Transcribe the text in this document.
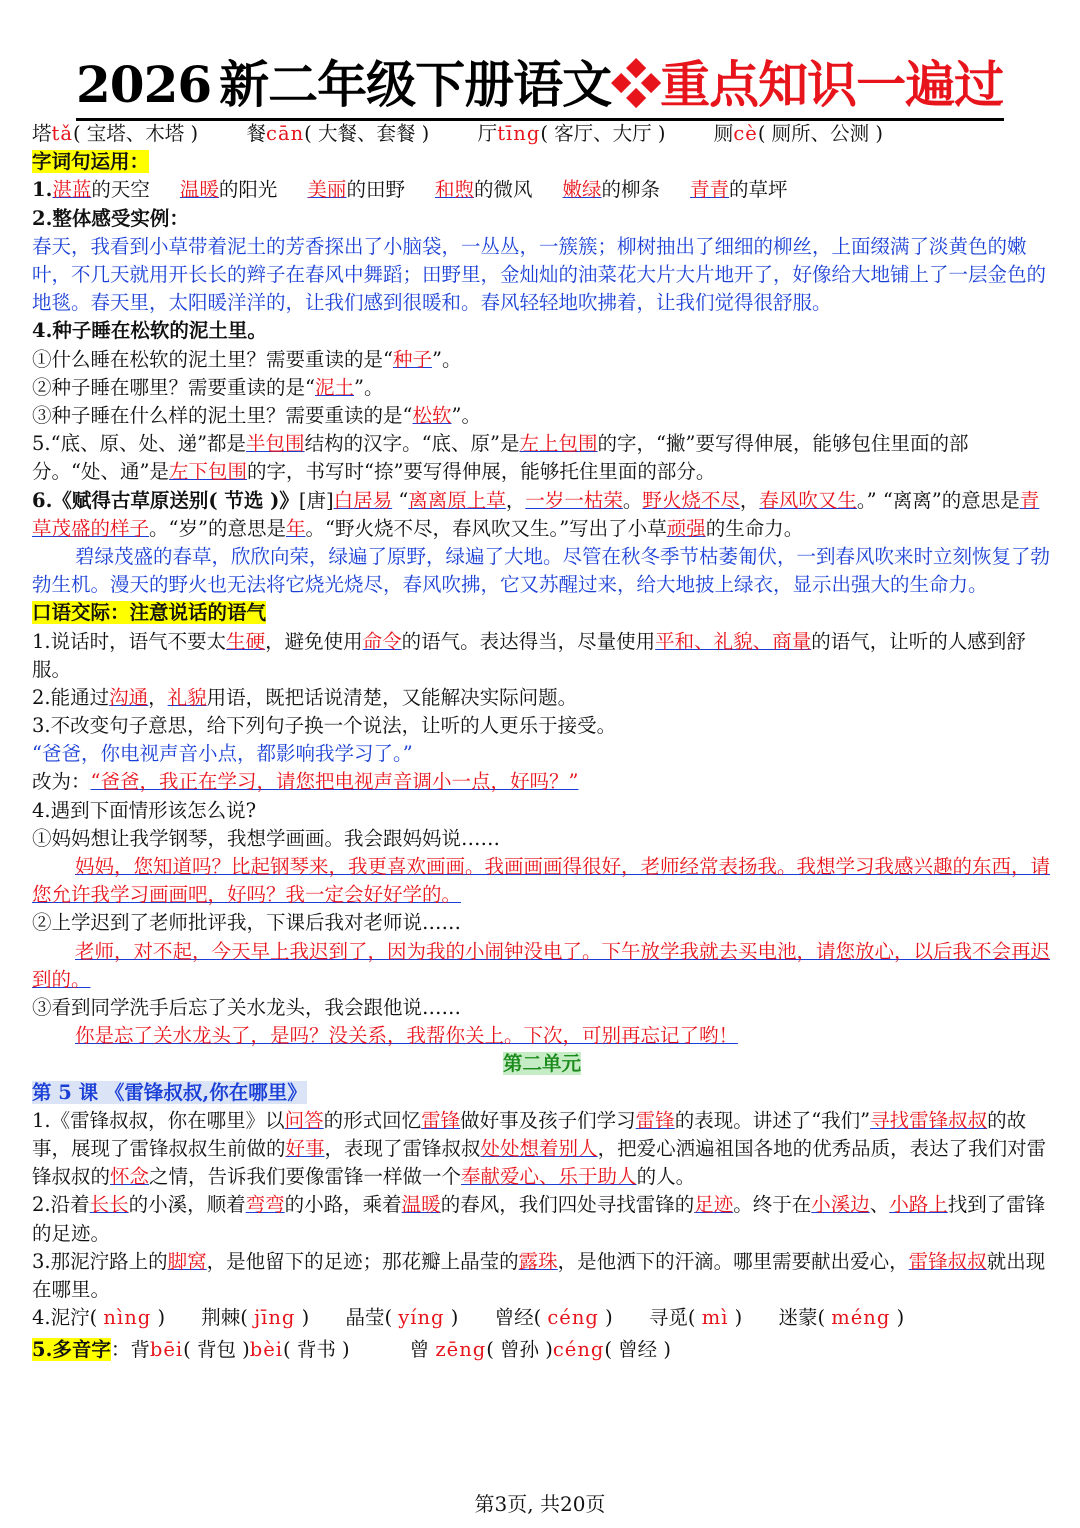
2026 新二年级下册语文❖重点知识一遍过
塔tǎ( 宝塔、木塔 ) 餐cān( 大餐、套餐 ) 厅tīng( 客厅、大厅 ) 厕cè( 厕所、公测 )
字词句运用：
1.湛蓝的天空 温暖的阳光 美丽的田野 和煦的微风 嫩绿的柳条 青青的草坪
2.整体感受实例：
春天，我看到小草带着泥土的芳香探出了小脑袋，一丛丛，一簇簇；柳树抽出了细细的柳丝，上面缀满了淡黄色的嫩叶，不几天就用开长长的辫子在春风中舞蹈；田野里，金灿灿的油菜花大片大片地开了，好像给大地铺上了一层金色的地毯。春天里，太阳暖洋洋的，让我们感到很暖和。春风轻轻地吹拂着，让我们觉得很舒服。
4.种子睡在松软的泥土里。
①什么睡在松软的泥土里？需要重读的是“种子”。
②种子睡在哪里？需要重读的是“泥土”。
③种子睡在什么样的泥土里？需要重读的是“松软”。
5.“底、原、处、递”都是半包围结构的汉字。“底、原”是左上包围的字，“撇”要写得伸展，能够包住里面的部分。“处、通”是左下包围的字，书写时“捺”要写得伸展，能够托住里面的部分。
6.《赋得古草原送别( 节选 )》[唐]白居易 “离离原上草，一岁一枯荣。野火烧不尽，春风吹又生。” “离离”的意思是青草茂盛的样子。“岁”的意思是年。“野火烧不尽，春风吹又生。”写出了小草顽强的生命力。
碧绿茂盛的春草，欣欣向荣，绿遍了原野，绿遍了大地。尽管在秋冬季节枯萎匍伏，一到春风吹来时立刻恢复了勃勃生机。漫天的野火也无法将它烧光烧尽，春风吹拂，它又苏醒过来，给大地披上绿衣，显示出强大的生命力。
口语交际：注意说话的语气
1.说话时，语气不要太生硬，避免使用命令的语气。表达得当，尽量使用平和、礼貌、商量的语气，让听的人感到舒服。
2.能通过沟通，礼貌用语，既把话说清楚，又能解决实际问题。
3.不改变句子意思，给下列句子换一个说法，让听的人更乐于接受。
“爸爸，你电视声音小点，都影响我学习了。”
改为：“爸爸，我正在学习，请您把电视声音调小一点，好吗？”
4.遇到下面情形该怎么说?
①妈妈想让我学钢琴，我想学画画。我会跟妈妈说……
妈妈，您知道吗？比起钢琴来，我更喜欢画画。我画画画得很好，老师经常表扬我。我想学习我感兴趣的东西，请您允许我学习画画吧，好吗？我一定会好好学的。
②上学迟到了老师批评我，下课后我对老师说……
老师，对不起，今天早上我迟到了，因为我的小闹钟没电了。下午放学我就去买电池，请您放心，以后我不会再迟到的。
③看到同学洗手后忘了关水龙头，我会跟他说……
你是忘了关水龙头了，是吗？没关系，我帮你关上。下次，可别再忘记了哟！
第二单元
第 5 课 《雷锋叔叔,你在哪里》
1.《雷锋叔叔，你在哪里》以问答的形式回忆雷锋做好事及孩子们学习雷锋的表现。讲述了“我们”寻找雷锋叔叔的故事，展现了雷锋叔叔生前做的好事，表现了雷锋叔叔处处想着别人，把爱心洒遍祖国各地的优秀品质，表达了我们对雷锋叔叔的怀念之情，告诉我们要像雷锋一样做一个奉献爱心、乐于助人的人。
2.沿着长长的小溪，顺着弯弯的小路，乘着温暖的春风，我们四处寻找雷锋的足迹。终于在小溪边、小路上找到了雷锋的足迹。
3.那泥泞路上的脚窝，是他留下的足迹；那花瓣上晶莹的露珠，是他洒下的汗滴。哪里需要献出爱心，雷锋叔叔就出现在哪里。
4.泥泞( nìng ) 荆棘( jīng ) 晶莹( yíng ) 曾经( céng ) 寻觅( mì ) 迷蒙( méng )
5.多音字：背bēi( 背包 )bèi( 背书 )	曾 zēng( 曾孙 )céng( 曾经 )
第3页, 共20页
